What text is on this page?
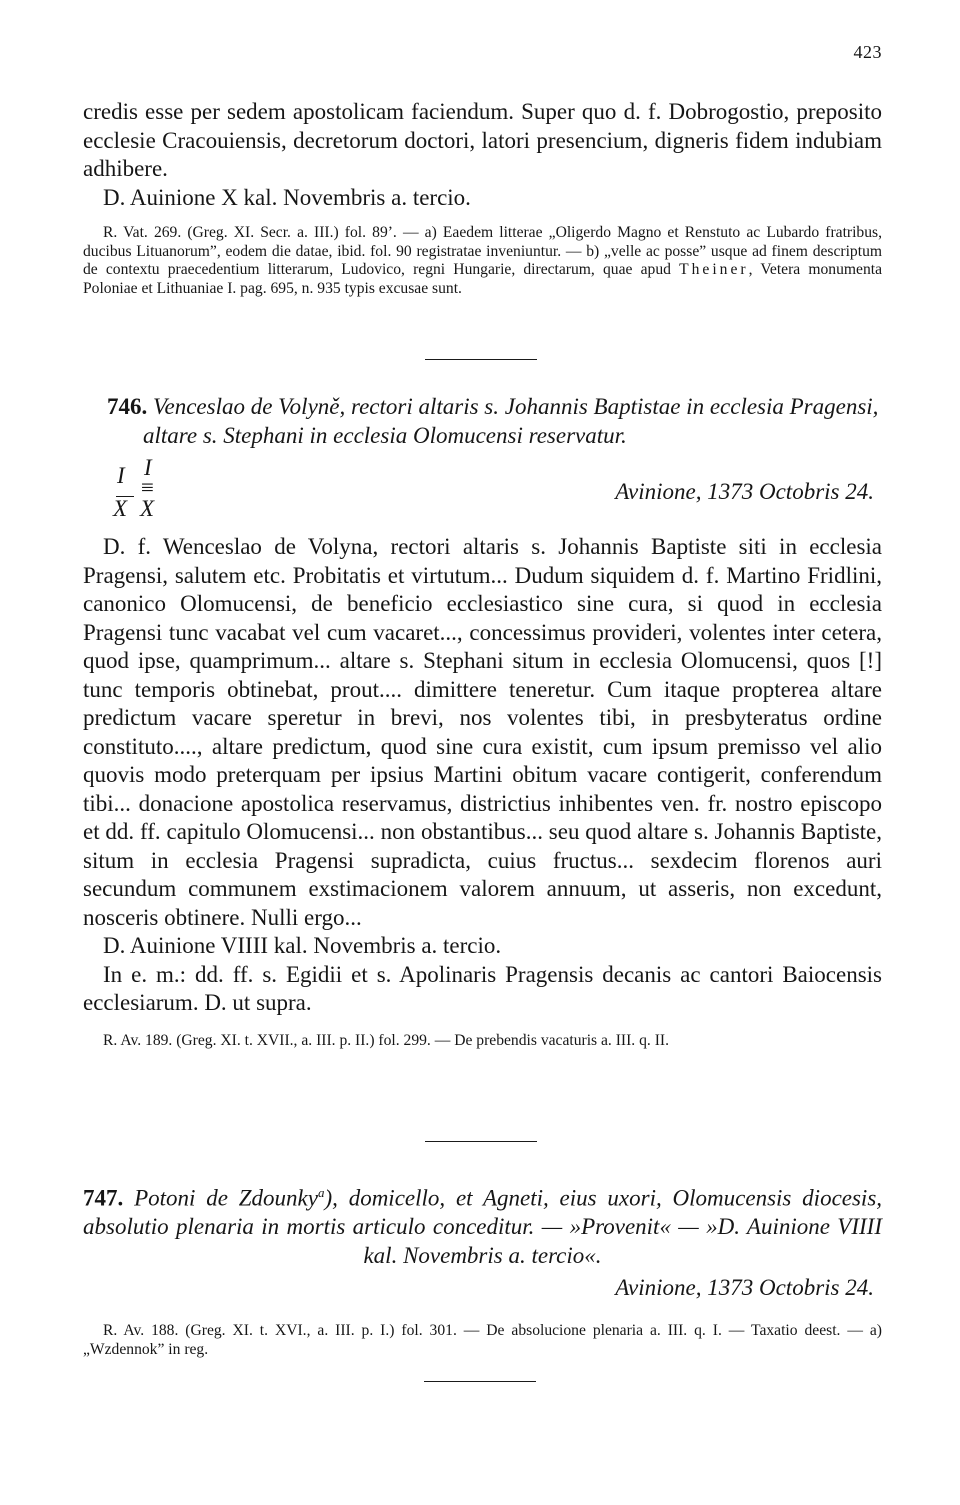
423

credis esse per sedem apostolicam faciendum. Super quo d. f. Dobrogostio, preposito ecclesie Cracouiensis, decretorum doctori, latori presencium, digneris fidem indubiam adhibere.

D. Auinione X kal. Novembris a. tercio.

R. Vat. 269. (Greg. XI. Secr. a. III.) fol. 89’. — a) Eaedem litterae „Oligerdo Magno et Renstuto ac Lubardo fratribus, ducibus Lituanorum”, eodem die datae, ibid. fol. 90 registratae inveniuntur. — b) „velle ac posse” usque ad finem descriptum de contextu praecedentium litterarum, Ludovico, regni Hungarie, directarum, quae apud Theiner, Vetera monumenta Poloniae et Lithuaniae I. pag. 695, n. 935 typis excusae sunt.

746. Venceslao de Volyně, rectori altaris s. Johannis Baptistae in ecclesia Pragensi, altare s. Stephani in ecclesia Olomucensi reservatur.

I
X
I
≡
X
Avinione, 1373 Octobris 24.

D. f. Wenceslao de Volyna, rectori altaris s. Johannis Baptiste siti in ecclesia Pragensi, salutem etc. Probitatis et virtutum... Dudum siquidem d. f. Martino Fridlini, canonico Olomucensi, de beneficio ecclesiastico sine cura, si quod in ecclesia Pragensi tunc vacabat vel cum vacaret..., concessimus provideri, volentes inter cetera, quod ipse, quamprimum... altare s. Stephani situm in ecclesia Olomucensi, quos [!] tunc temporis obtinebat, prout.... dimittere teneretur. Cum itaque propterea altare predictum vacare speretur in brevi, nos volentes tibi, in presbyteratus ordine constituto...., altare predictum, quod sine cura existit, cum ipsum premisso vel alio quovis modo preterquam per ipsius Martini obitum vacare contigerit, conferendum tibi... donacione apostolica reservamus, districtius inhibentes ven. fr. nostro episcopo et dd. ff. capitulo Olomucensi... non obstantibus... seu quod altare s. Johannis Baptiste, situm in ecclesia Pragensi supradicta, cuius fructus... sexdecim florenos auri secundum communem exstimacionem valorem annuum, ut asseris, non excedunt, nosceris obtinere. Nulli ergo...

D. Auinione VIIII kal. Novembris a. tercio.

In e. m.: dd. ff. s. Egidii et s. Apolinaris Pragensis decanis ac cantori Baiocensis ecclesiarum. D. ut supra.

R. Av. 189. (Greg. XI. t. XVII., a. III. p. II.) fol. 299. — De prebendis vacaturis a. III. q. II.

747. Potoni de Zdounky$^a$), domicello, et Agneti, eius uxori, Olomucensis diocesis, absolutio plenaria in mortis articulo conceditur. — »Provenit« — »D. Auinione VIIII kal. Novembris a. tercio«.

Avinione, 1373 Octobris 24.

R. Av. 188. (Greg. XI. t. XVI., a. III. p. I.) fol. 301. — De absolucione plenaria a. III. q. I. — Taxatio deest. — a) „Wzdennok” in reg.
